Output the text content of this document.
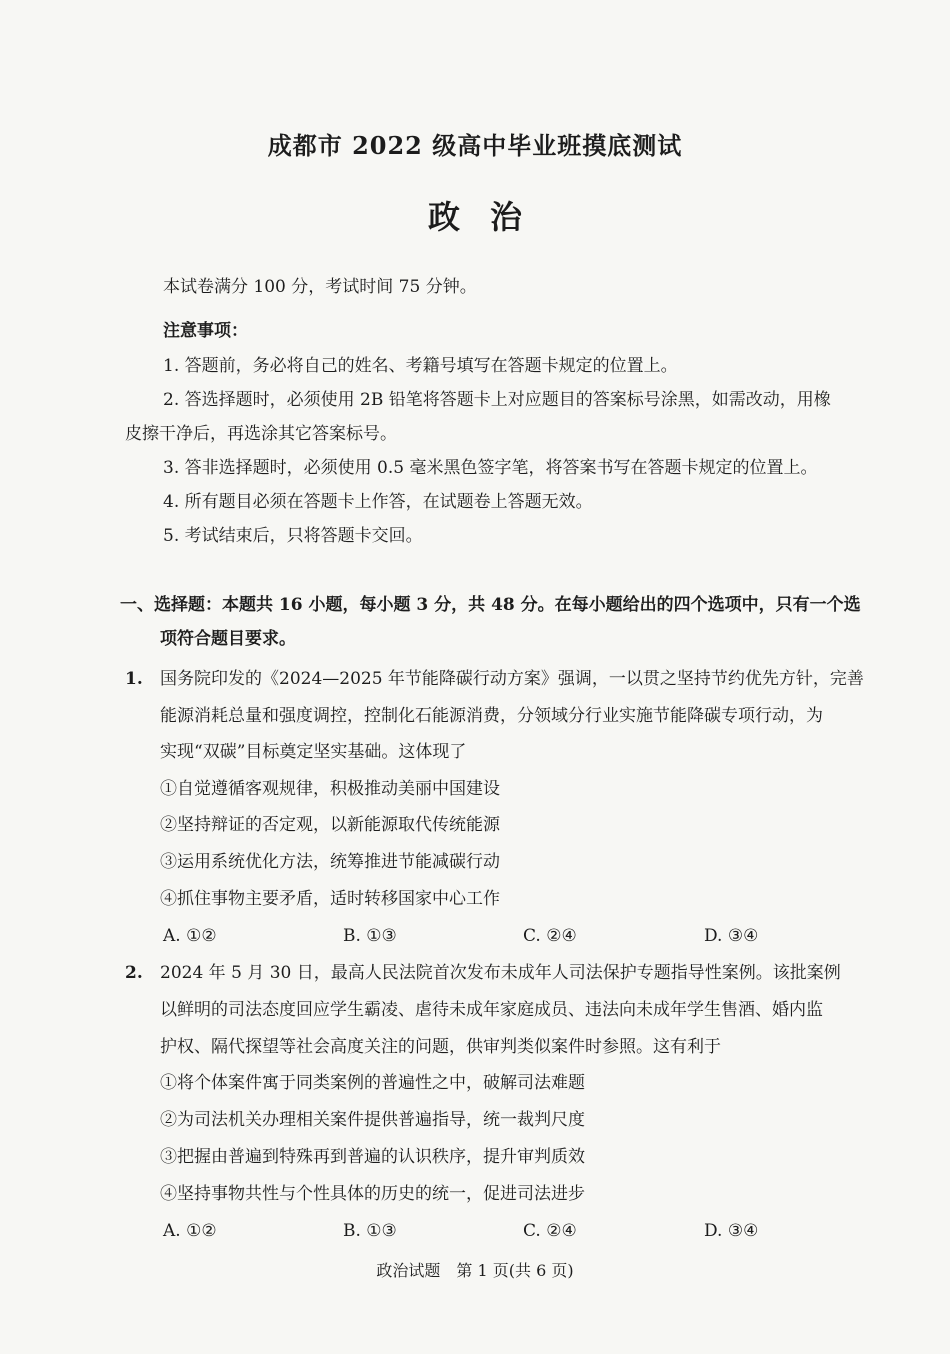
成都市 2022 级高中毕业班摸底测试
政治
本试卷满分 100 分，考试时间 75 分钟。
注意事项：
1. 答题前，务必将自己的姓名、考籍号填写在答题卡规定的位置上。
2. 答选择题时，必须使用 2B 铅笔将答题卡上对应题目的答案标号涂黑，如需改动，用橡
皮擦干净后，再选涂其它答案标号。
3. 答非选择题时，必须使用 0.5 毫米黑色签字笔，将答案书写在答题卡规定的位置上。
4. 所有题目必须在答题卡上作答，在试题卷上答题无效。
5. 考试结束后，只将答题卡交回。
一、选择题：本题共 16 小题，每小题 3 分，共 48 分。在每小题给出的四个选项中，只有一个选
项符合题目要求。
1. 国务院印发的《2024—2025 年节能降碳行动方案》强调，一以贯之坚持节约优先方针，完善
能源消耗总量和强度调控，控制化石能源消费，分领域分行业实施节能降碳专项行动，为
实现“双碳”目标奠定坚实基础。这体现了
①自觉遵循客观规律，积极推动美丽中国建设
②坚持辩证的否定观，以新能源取代传统能源
③运用系统优化方法，统筹推进节能减碳行动
④抓住事物主要矛盾，适时转移国家中心工作
A. ①②	B. ①③	C. ②④	D. ③④
2. 2024 年 5 月 30 日，最高人民法院首次发布未成年人司法保护专题指导性案例。该批案例
以鲜明的司法态度回应学生霸凌、虐待未成年家庭成员、违法向未成年学生售酒、婚内监
护权、隔代探望等社会高度关注的问题，供审判类似案件时参照。这有利于
①将个体案件寓于同类案例的普遍性之中，破解司法难题
②为司法机关办理相关案件提供普遍指导，统一裁判尺度
③把握由普遍到特殊再到普遍的认识秩序，提升审判质效
④坚持事物共性与个性具体的历史的统一，促进司法进步
A. ①②	B. ①③	C. ②④	D. ③④
政治试题　第 1 页(共 6 页)
